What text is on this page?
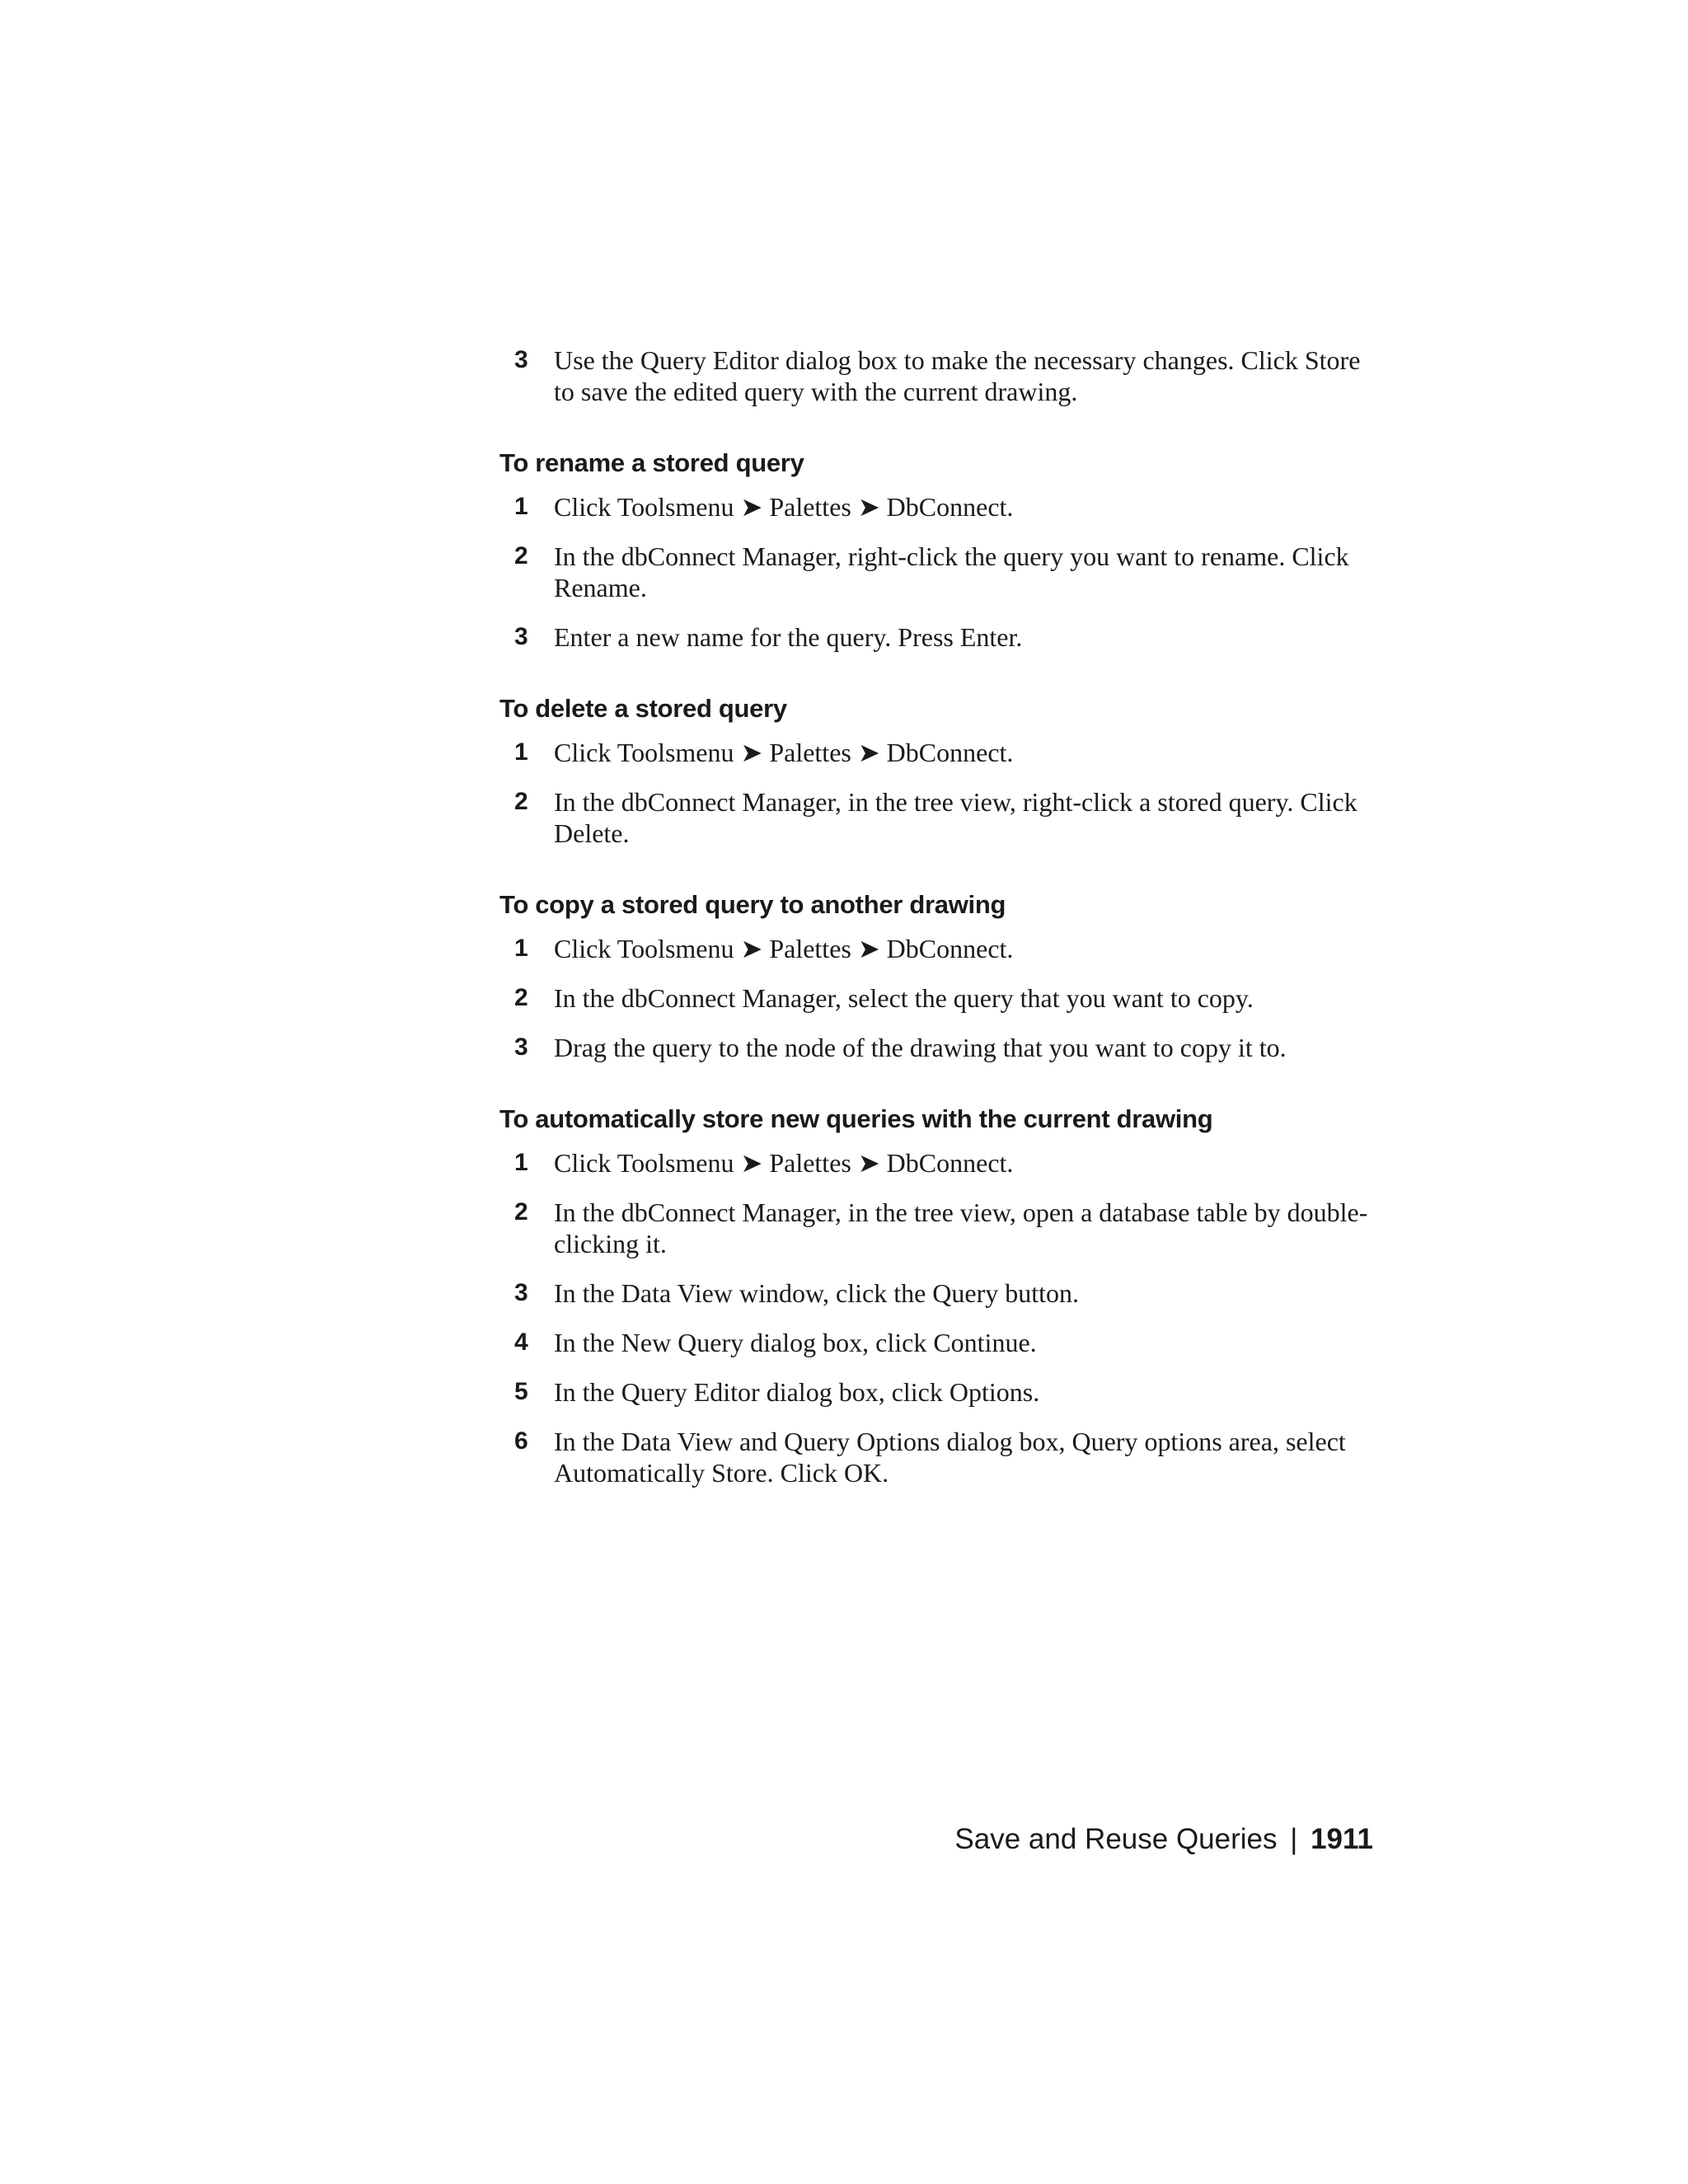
3 Use the Query Editor dialog box to make the necessary changes. Click Store to save the edited query with the current drawing.
To rename a stored query
1 Click Toolsmenu ➤ Palettes ➤ DbConnect.
2 In the dbConnect Manager, right-click the query you want to rename. Click Rename.
3 Enter a new name for the query. Press Enter.
To delete a stored query
1 Click Toolsmenu ➤ Palettes ➤ DbConnect.
2 In the dbConnect Manager, in the tree view, right-click a stored query. Click Delete.
To copy a stored query to another drawing
1 Click Toolsmenu ➤ Palettes ➤ DbConnect.
2 In the dbConnect Manager, select the query that you want to copy.
3 Drag the query to the node of the drawing that you want to copy it to.
To automatically store new queries with the current drawing
1 Click Toolsmenu ➤ Palettes ➤ DbConnect.
2 In the dbConnect Manager, in the tree view, open a database table by double-clicking it.
3 In the Data View window, click the Query button.
4 In the New Query dialog box, click Continue.
5 In the Query Editor dialog box, click Options.
6 In the Data View and Query Options dialog box, Query options area, select Automatically Store. Click OK.
Save and Reuse Queries | 1911
